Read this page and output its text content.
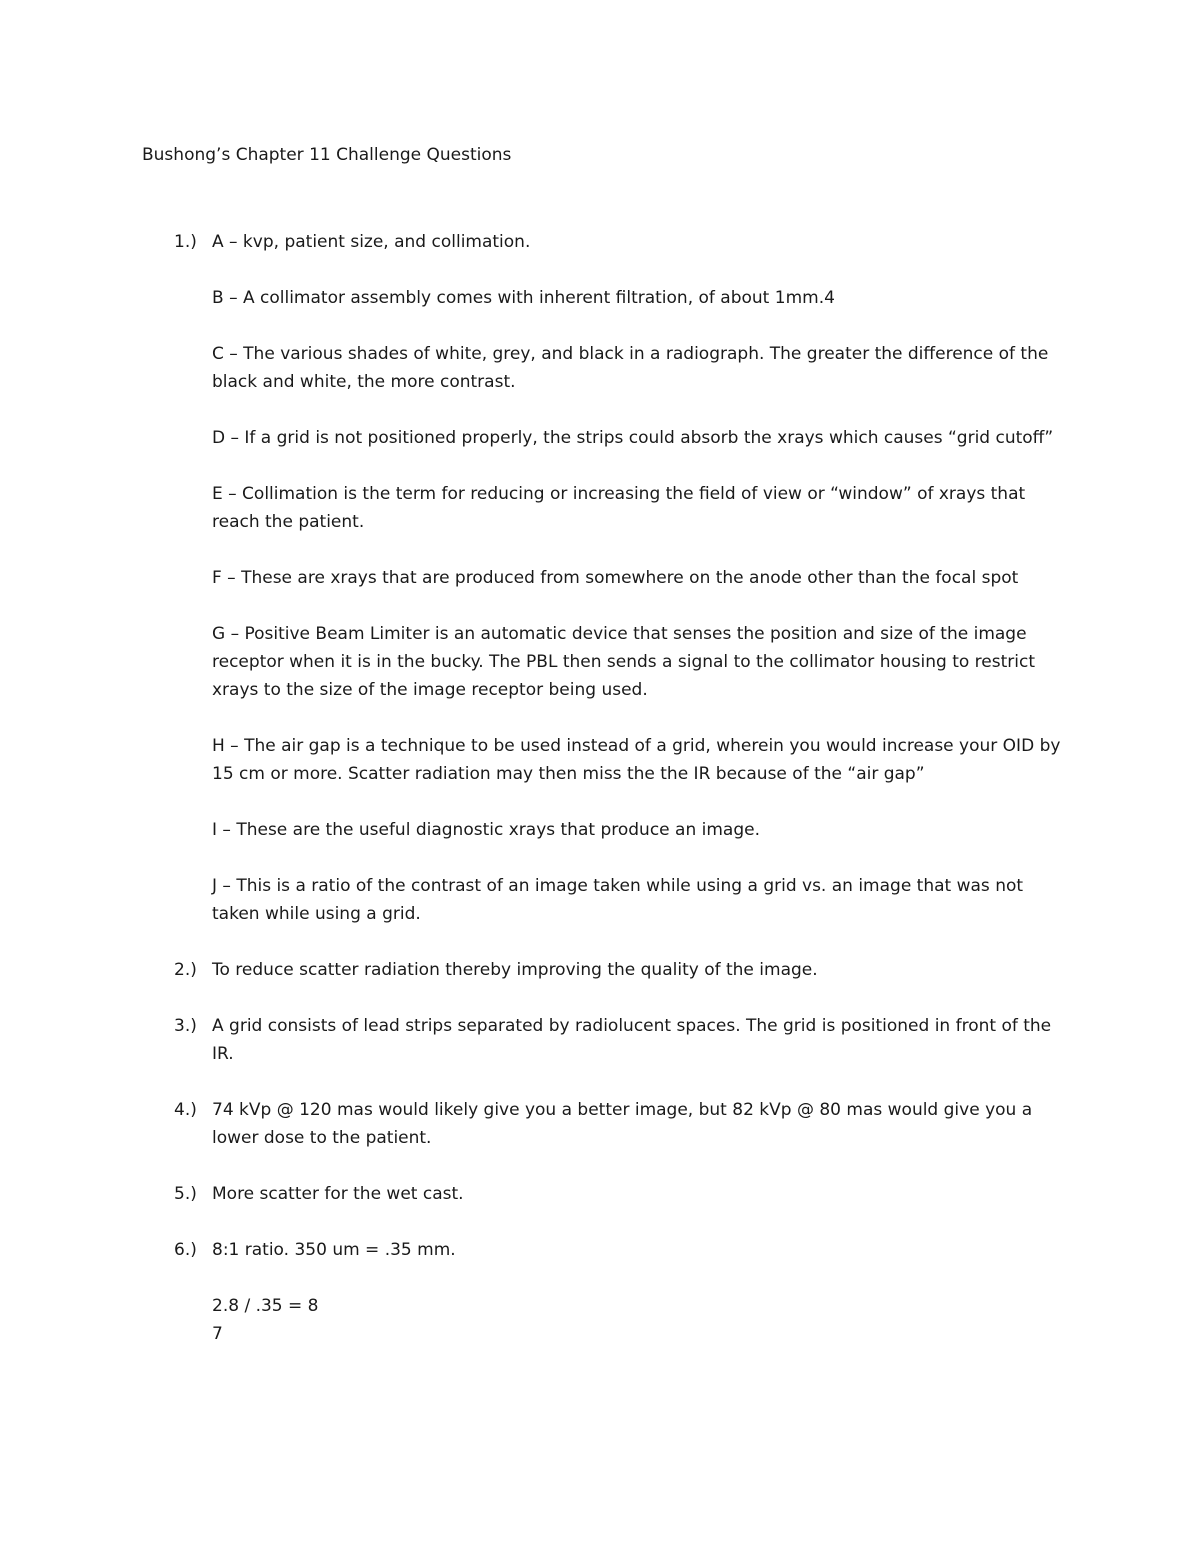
Bushong’s Chapter 11 Challenge Questions
1.) A – kvp, patient size, and collimation.

B – A collimator assembly comes with inherent filtration, of about 1mm.4

C – The various shades of white, grey, and black in a radiograph. The greater the difference of the black and white, the more contrast.

D – If a grid is not positioned properly, the strips could absorb the xrays which causes “grid cutoff”

E – Collimation is the term for reducing or increasing the field of view or “window” of xrays that reach the patient.

F – These are xrays that are produced from somewhere on the anode other than the focal spot

G – Positive Beam Limiter is an automatic device that senses the position and size of the image receptor when it is in the bucky. The PBL then sends a signal to the collimator housing to restrict xrays to the size of the image receptor being used.

H – The air gap is a technique to be used instead of a grid, wherein you would increase your OID by 15 cm or more. Scatter radiation may then miss the the IR because of the “air gap”

I – These are the useful diagnostic xrays that produce an image.

J – This is a ratio of the contrast of an image taken while using a grid vs. an image that was not taken while using a grid.

2.) To reduce scatter radiation thereby improving the quality of the image.

3.) A grid consists of lead strips separated by radiolucent spaces. The grid is positioned in front of the IR.

4.) 74 kVp @ 120 mas would likely give you a better image, but 82 kVp @ 80 mas would give you a lower dose to the patient.

5.) More scatter for the wet cast.

6.) 8:1 ratio. 350 um = .35 mm.

2.8 / .35 = 8

7
